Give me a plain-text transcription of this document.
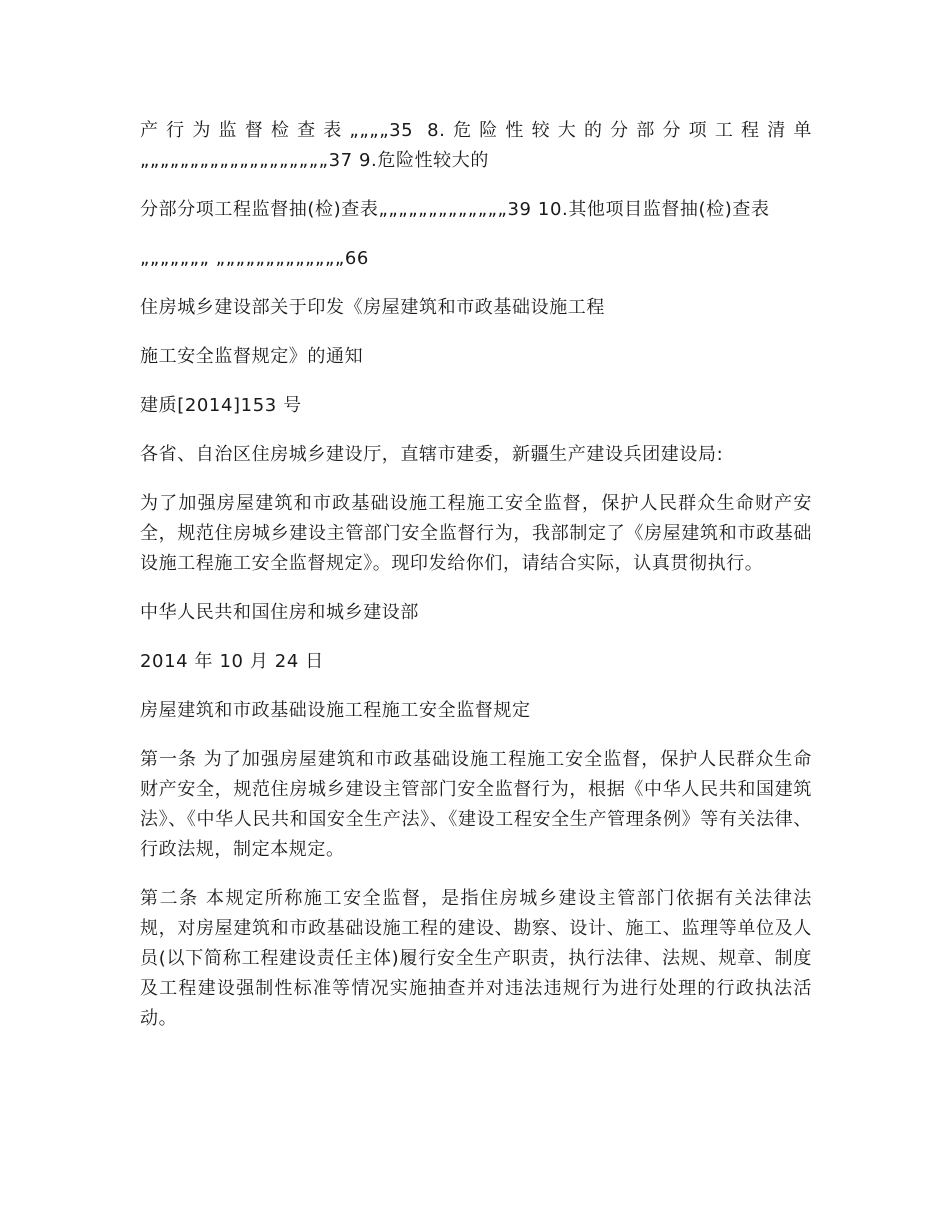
产行为监督检查表„„„„35 8.危险性较大的分部分项工程清单„„„„„„„„„„„„„„„„„„„37 9.危险性较大的

分部分项工程监督抽(检)查表„„„„„„„„„„„„„39 10.其他项目监督抽(检)查表

„„„„„„„ „„„„„„„„„„„„„66

住房城乡建设部关于印发《房屋建筑和市政基础设施工程

施工安全监督规定》的通知

建质[2014]153 号

各省、自治区住房城乡建设厅，直辖市建委，新疆生产建设兵团建设局:

为了加强房屋建筑和市政基础设施工程施工安全监督，保护人民群众生命财产安全，规范住房城乡建设主管部门安全监督行为，我部制定了《房屋建筑和市政基础设施工程施工安全监督规定》。现印发给你们，请结合实际，认真贯彻执行。

中华人民共和国住房和城乡建设部

2014 年 10 月 24 日

房屋建筑和市政基础设施工程施工安全监督规定

第一条 为了加强房屋建筑和市政基础设施工程施工安全监督，保护人民群众生命财产安全，规范住房城乡建设主管部门安全监督行为，根据《中华人民共和国建筑法》、《中华人民共和国安全生产法》、《建设工程安全生产管理条例》等有关法律、行政法规，制定本规定。

第二条 本规定所称施工安全监督，是指住房城乡建设主管部门依据有关法律法规，对房屋建筑和市政基础设施工程的建设、勘察、设计、施工、监理等单位及人员(以下简称工程建设责任主体)履行安全生产职责，执行法律、法规、规章、制度及工程建设强制性标准等情况实施抽查并对违法违规行为进行处理的行政执法活动。
